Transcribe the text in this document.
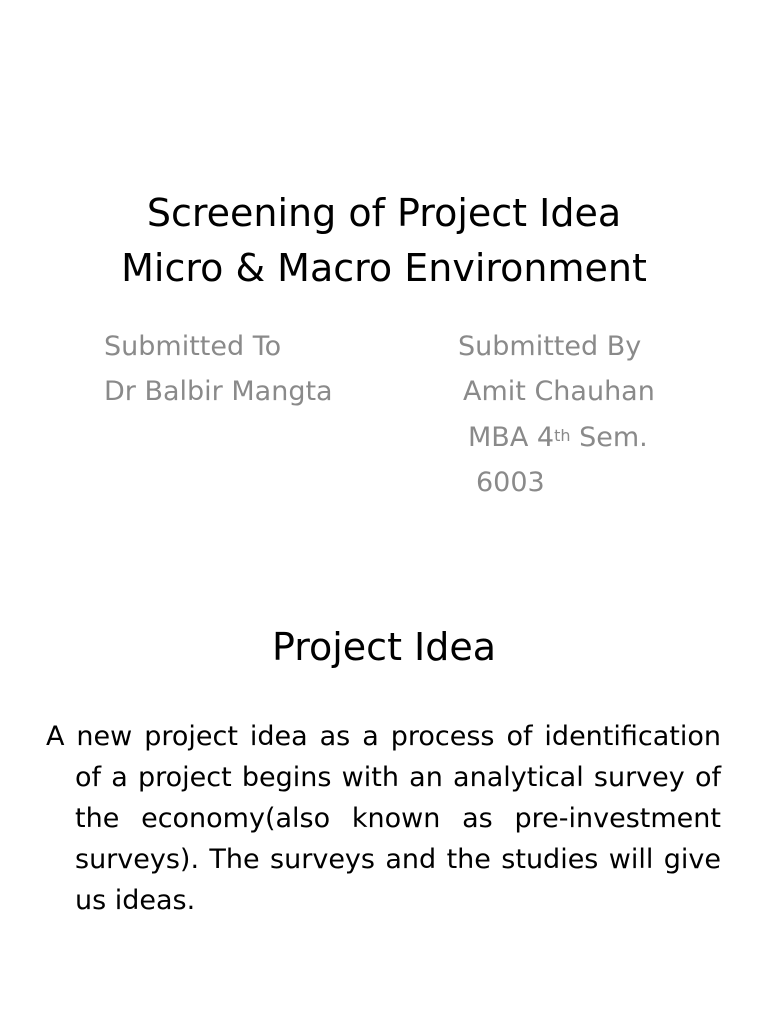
Screening of Project Idea
Micro & Macro Environment
Submitted To
Dr Balbir Mangta
Submitted By
Amit Chauhan
MBA 4th Sem.
6003
Project Idea

A new project idea as a process of identification of a project begins with an analytical survey of the economy(also known as pre-investment surveys). The surveys and the studies will give us ideas.
